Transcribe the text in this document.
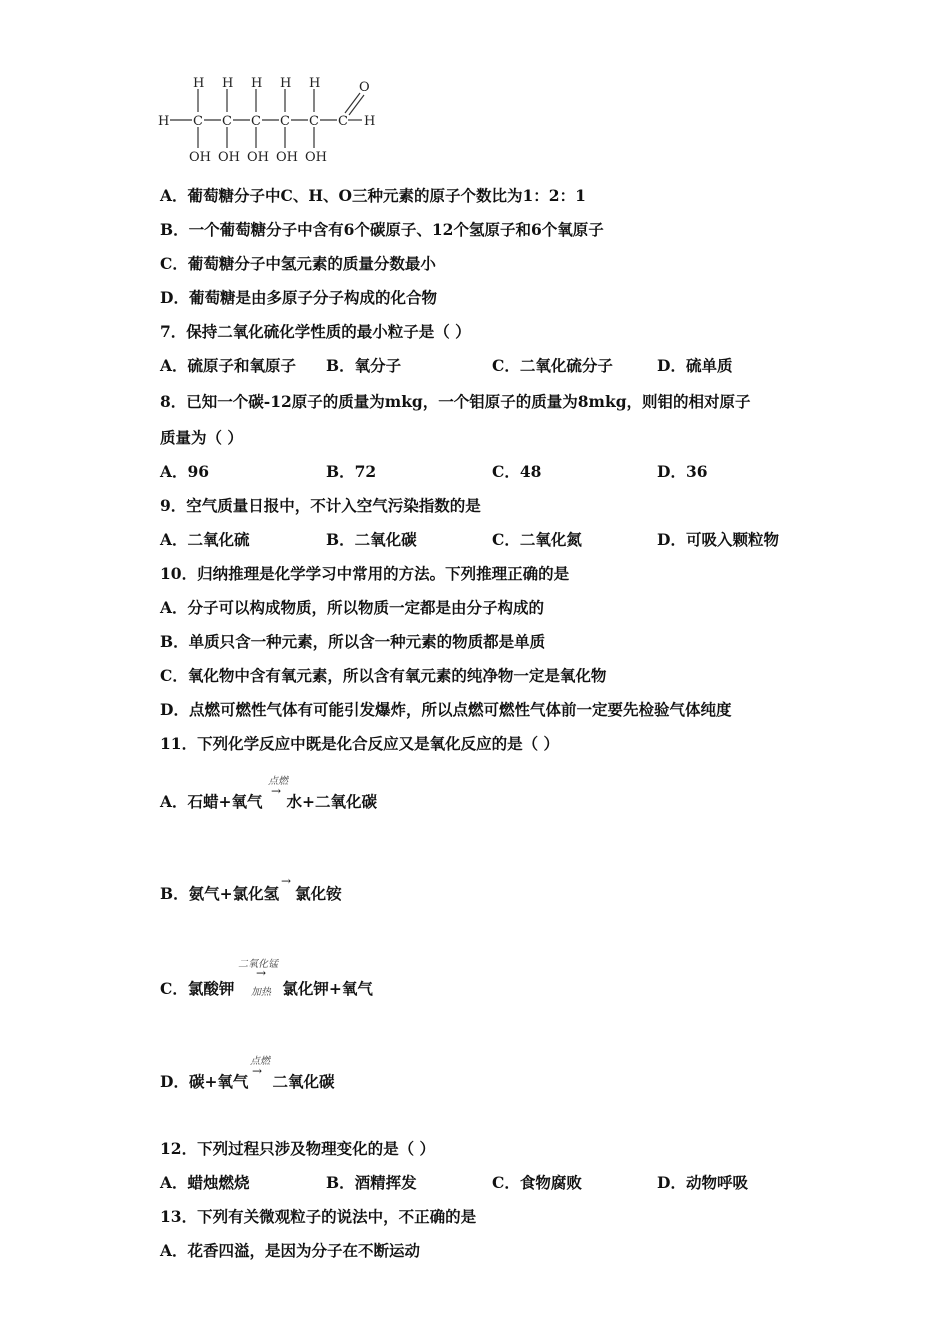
H H H H H
H C C C C C C
O
H
OH OH OH OH OH
A．葡萄糖分子中C、H、O三种元素的原子个数比为1：2：1
B．一个葡萄糖分子中含有6个碳原子、12个氢原子和6个氧原子
C．葡萄糖分子中氢元素的质量分数最小
D．葡萄糖是由多原子分子构成的化合物
7．保持二氧化硫化学性质的最小粒子是（ ）
A．硫原子和氧原子 B．氧分子	C．二氧化硫分子	D．硫单质
8．已知一个碳-12原子的质量为mkg，一个钼原子的质量为8mkg，则钼的相对原子
质量为（ ）
A．96	B．72	C．48	D．36
9．空气质量日报中，不计入空气污染指数的是
A．二氧化硫	B．二氧化碳	C．二氧化氮	D．可吸入颗粒物
10．归纳推理是化学学习中常用的方法。下列推理正确的是
A．分子可以构成物质，所以物质一定都是由分子构成的
B．单质只含一种元素，所以含一种元素的物质都是单质
C．氧化物中含有氧元素，所以含有氧元素的纯净物一定是氧化物
D．点燃可燃性气体有可能引发爆炸，所以点燃可燃性气体前一定要先检验气体纯度
11．下列化学反应中既是化合反应又是氧化反应的是（ ）
A．石蜡+氧气 水+二氧化碳
点燃
→
B．氨气+氯化氢 氯化铵
→
C．氯酸钾	氯化钾+氧气
二氧化锰
→
加热
D．碳+氧气 二氧化碳
点燃
→
12．下列过程只涉及物理变化的是（ ）
A．蜡烛燃烧	B．酒精挥发	C．食物腐败	D．动物呼吸
13．下列有关微观粒子的说法中，不正确的是
A．花香四溢，是因为分子在不断运动
